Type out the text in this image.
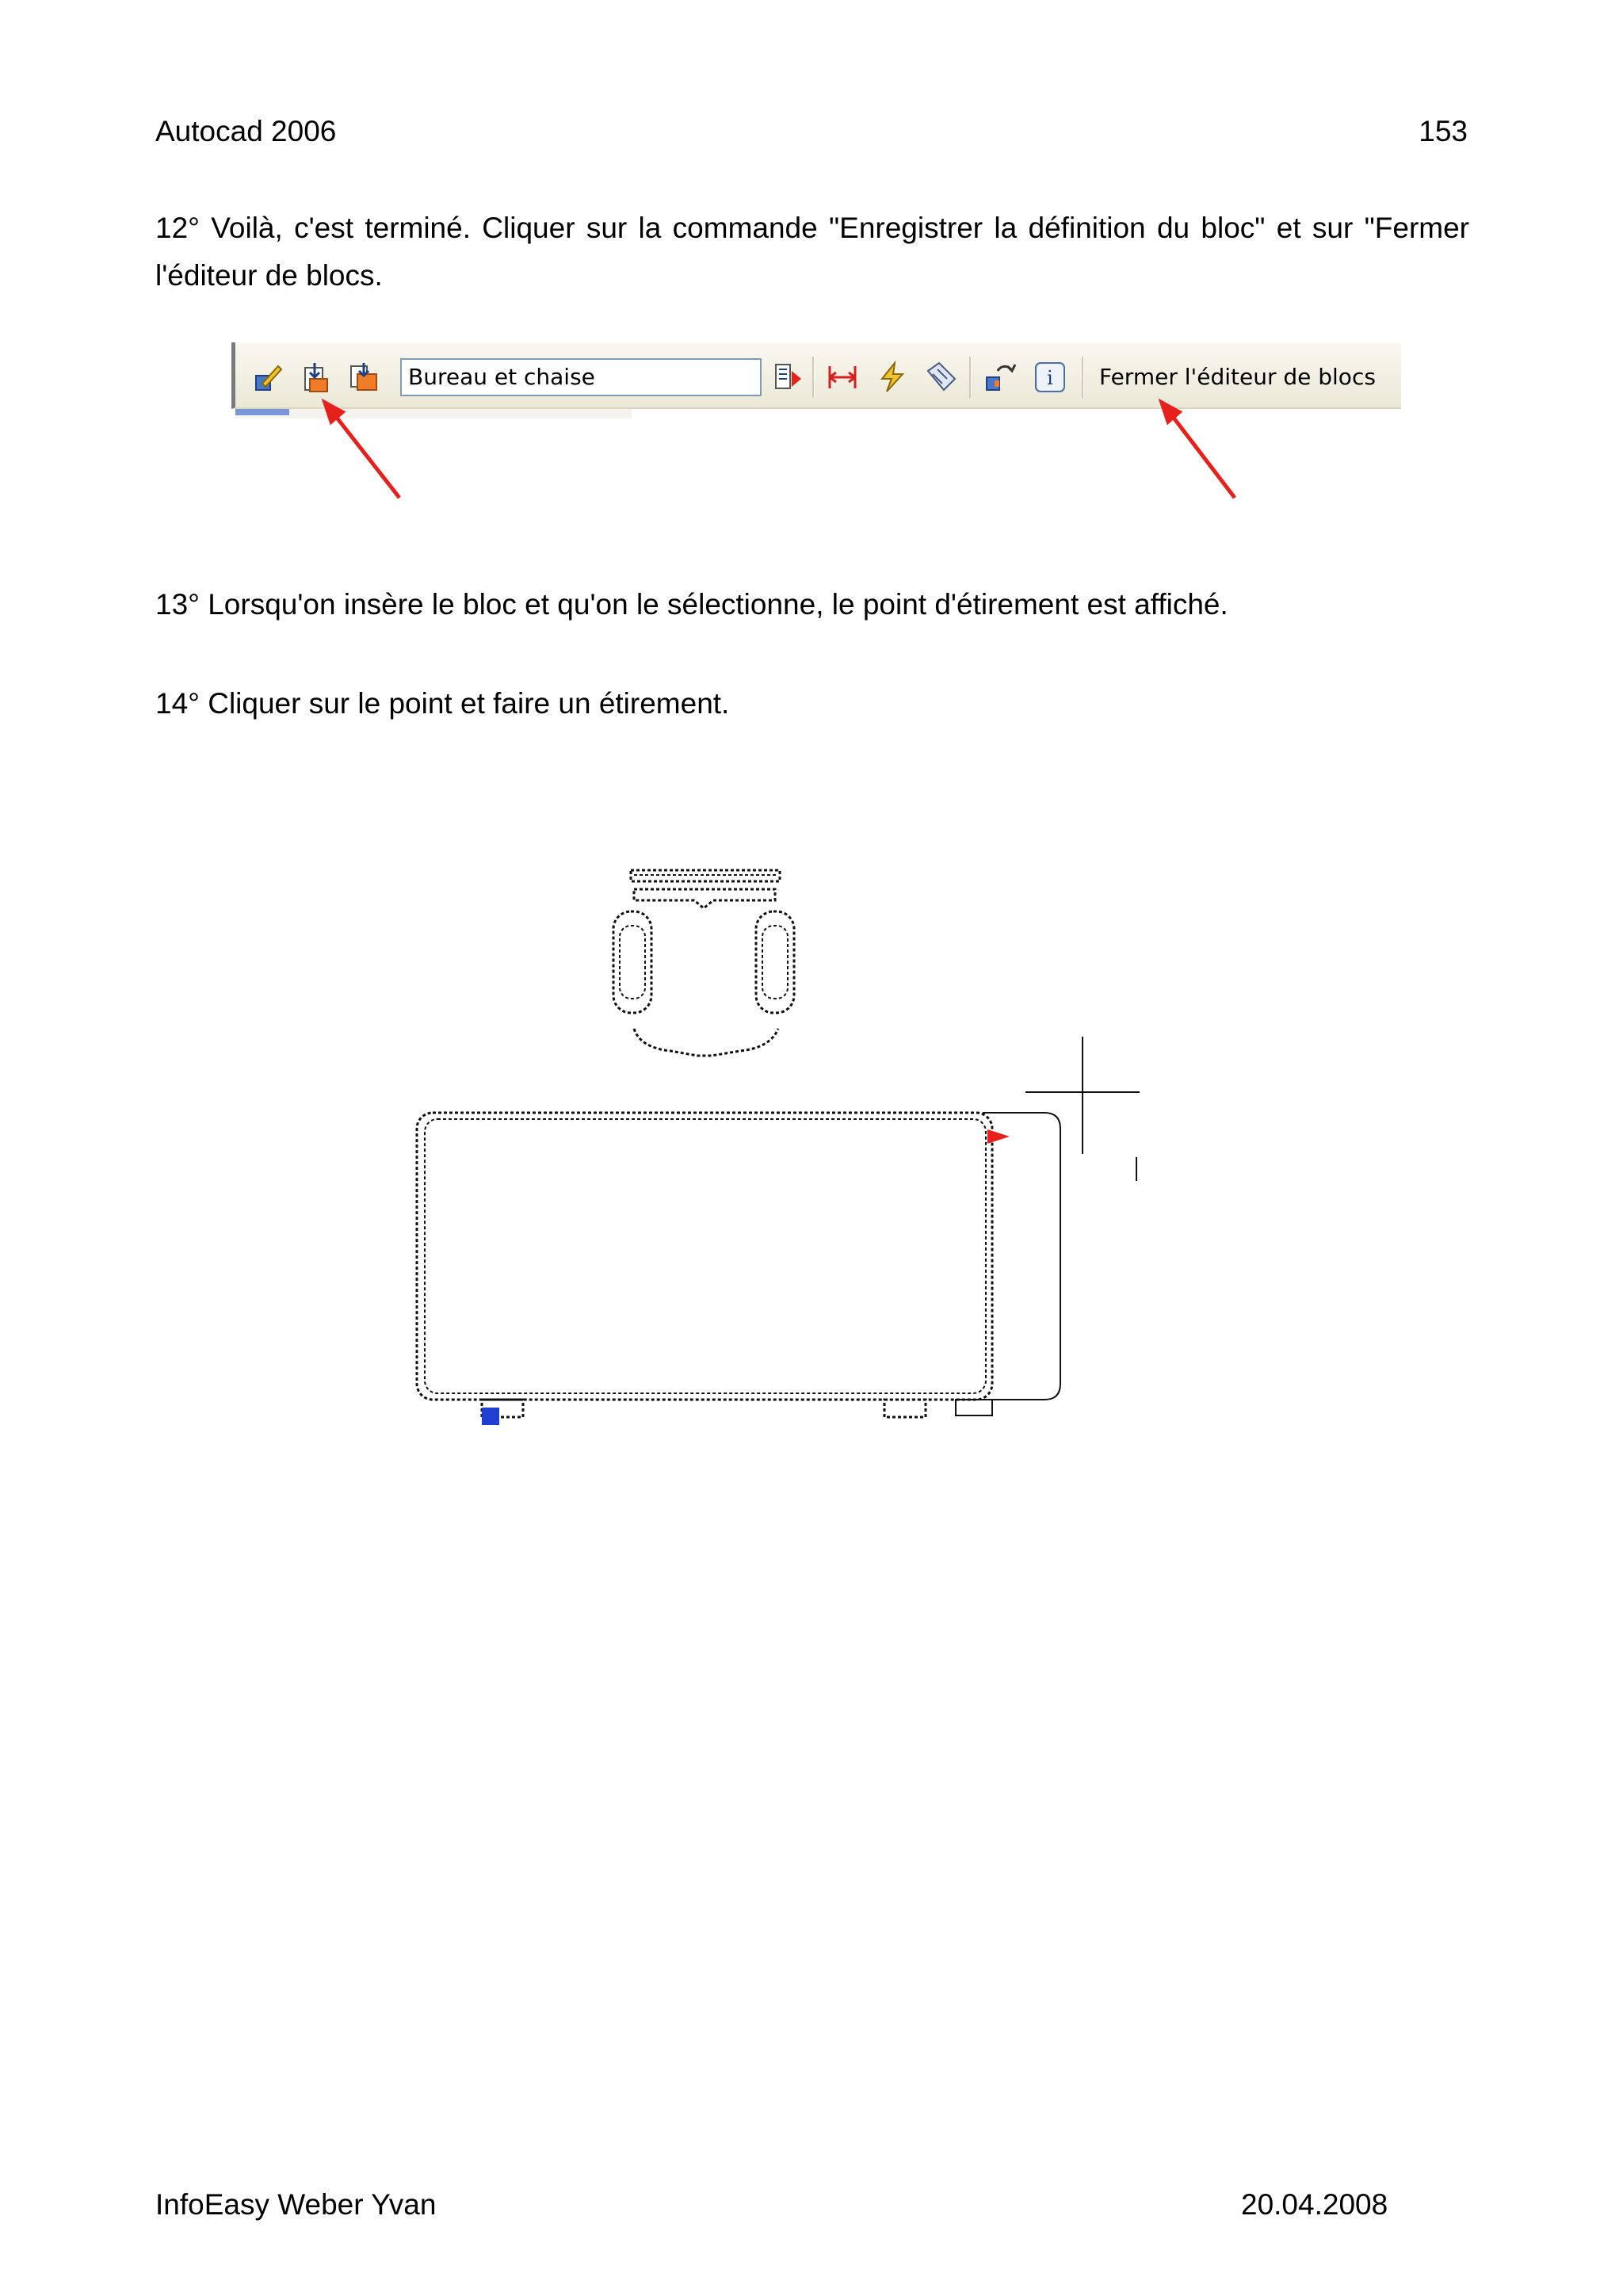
Autocad 2006	153
12° Voilà, c'est terminé. Cliquer sur la commande "Enregistrer la définition du bloc" et sur "Fermer l'éditeur de blocs.
Bureau et chaise	i Fermer l'éditeur de blocs
13° Lorsqu'on insère le bloc et qu'on le sélectionne, le point d'étirement est affiché.
14° Cliquer sur le point et faire un étirement.
InfoEasy Weber Yvan	20.04.2008
